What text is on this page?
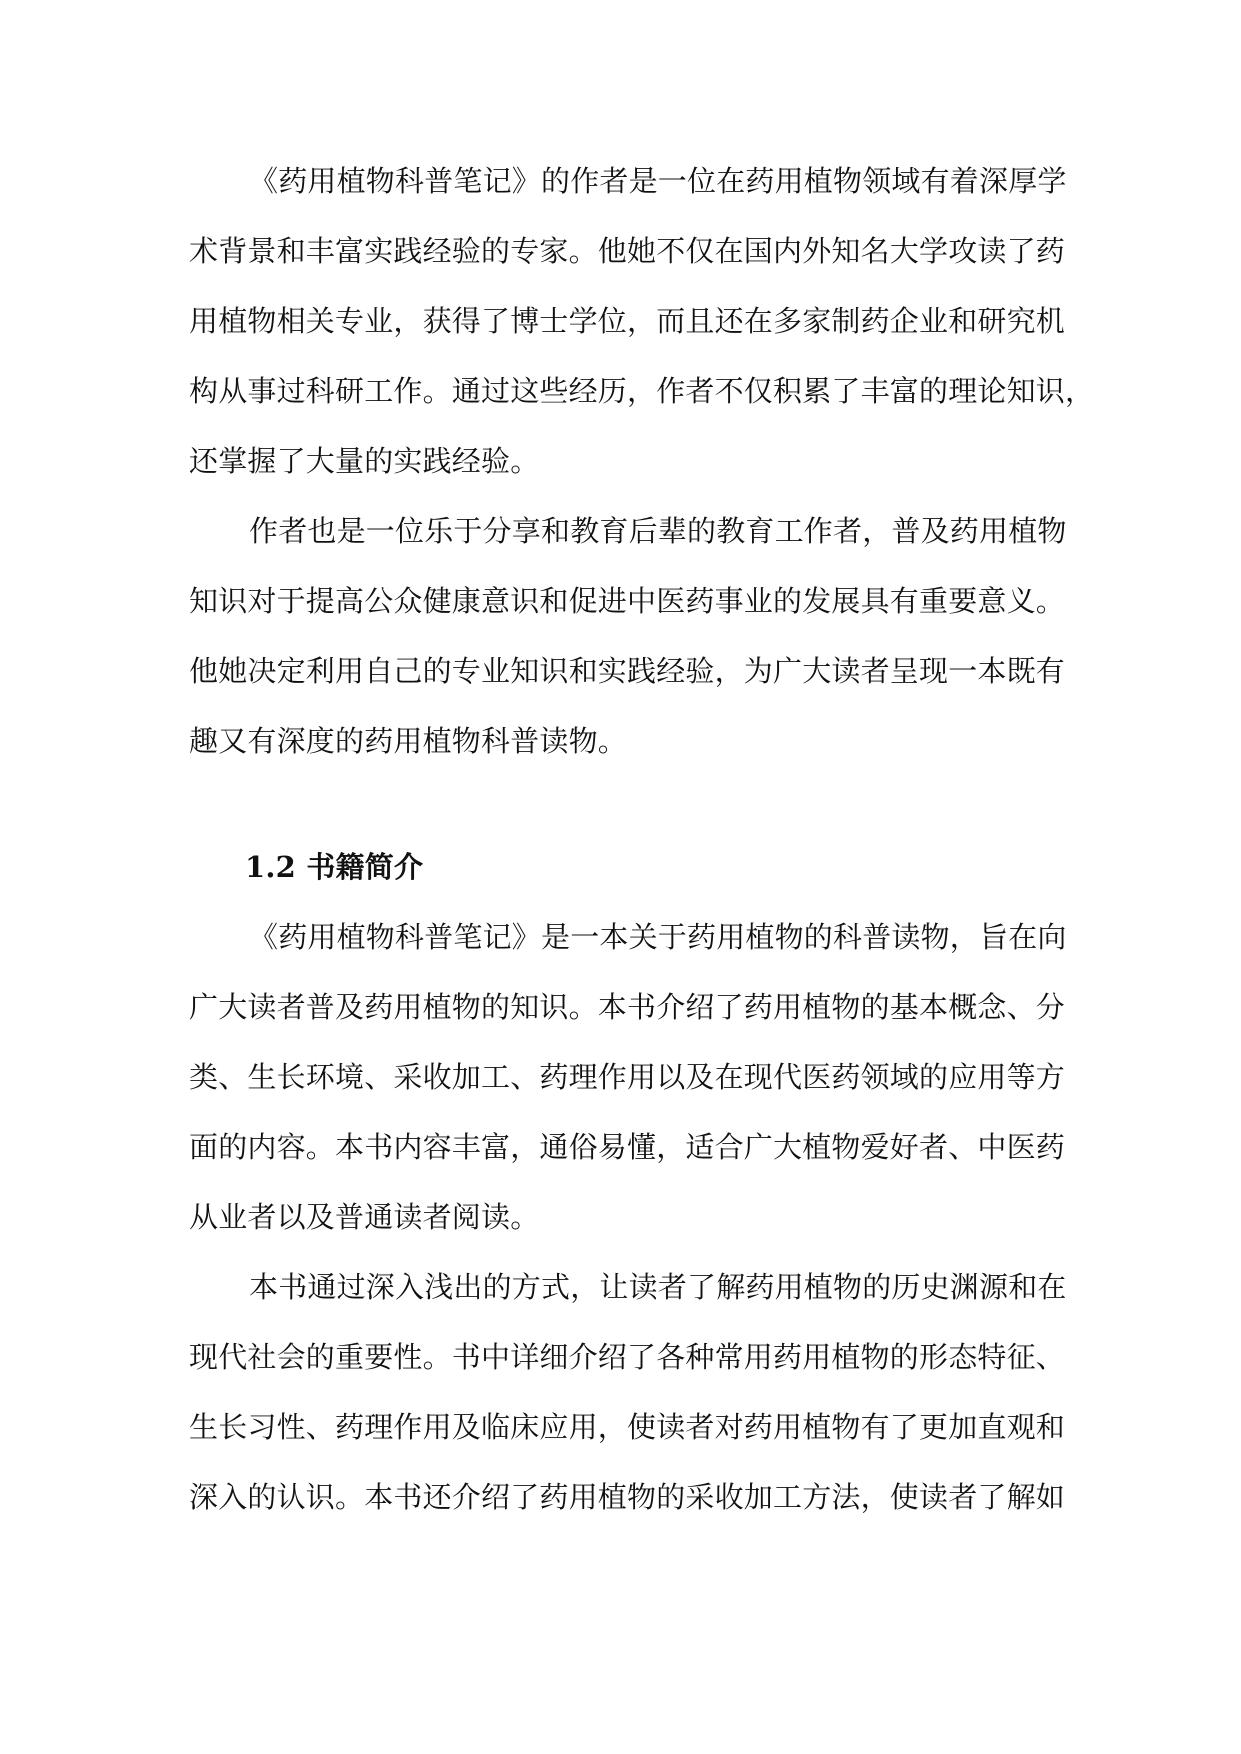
《药用植物科普笔记》的作者是一位在药用植物领域有着深厚学
术背景和丰富实践经验的专家。他她不仅在国内外知名大学攻读了药
用植物相关专业，获得了博士学位，而且还在多家制药企业和研究机
构从事过科研工作。通过这些经历，作者不仅积累了丰富的理论知识，
还掌握了大量的实践经验。
作者也是一位乐于分享和教育后辈的教育工作者，普及药用植物
知识对于提高公众健康意识和促进中医药事业的发展具有重要意义。
他她决定利用自己的专业知识和实践经验，为广大读者呈现一本既有
趣又有深度的药用植物科普读物。
1.2 书籍简介
《药用植物科普笔记》是一本关于药用植物的科普读物，旨在向
广大读者普及药用植物的知识。本书介绍了药用植物的基本概念、分
类、生长环境、采收加工、药理作用以及在现代医药领域的应用等方
面的内容。本书内容丰富，通俗易懂，适合广大植物爱好者、中医药
从业者以及普通读者阅读。
本书通过深入浅出的方式，让读者了解药用植物的历史渊源和在
现代社会的重要性。书中详细介绍了各种常用药用植物的形态特征、
生长习性、药理作用及临床应用，使读者对药用植物有了更加直观和
深入的认识。本书还介绍了药用植物的采收加工方法，使读者了解如
